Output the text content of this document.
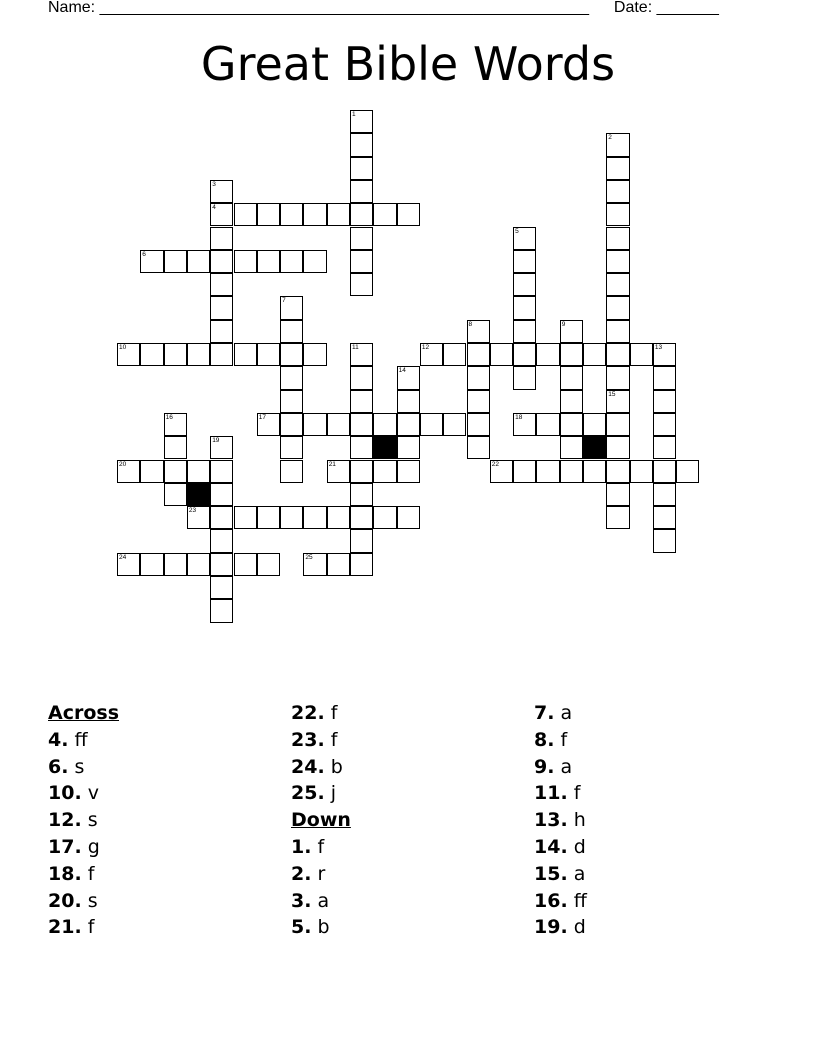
Name: _______________________________________________________ Date: _______
Great Bible Words
1
2
3
4
5
6
7
8	9
10	11	12	13
14
15
16	17	18
19
20	21	22
23
24	25
Across
4. ff
6. s
10. v
12. s
17. g
18. f
20. s
21. f
22. f
23. f
24. b
25. j
Down
1. f
2. r
3. a
5. b
7. a
8. f
9. a
11. f
13. h
14. d
15. a
16. ff
19. d
